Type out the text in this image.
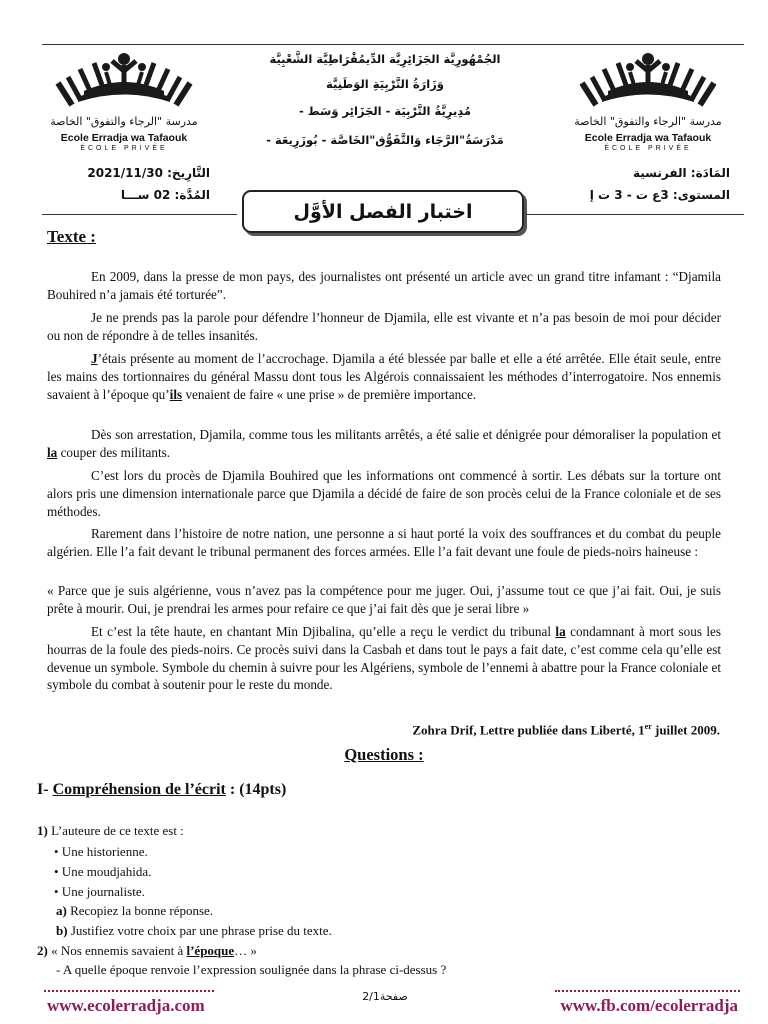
مدرسة "الرجاء والتفوق" الخاصة
Ecole Erradja wa Tafaouk
ÉCOLE PRIVÉE
مدرسة "الرجاء والتفوق" الخاصة
Ecole Erradja wa Tafaouk
ÉCOLE PRIVÉE
الجُمْهُورِيَّة الجَزَائِرِيَّة الدِّيمُقْرَاطِيَّة الشَّعْبِيَّة
وَزَارَةُ التَّرْبِيَةِ الوَطَنِيَّة
مُدِيرِيَّةُ التَّرْبِيَة - الجَزَائِر وَسَط -
مَدْرَسَةُ"الرَّجَاء وَالتَّفَوُّق"الخَاصَّة - بُوزَرِيعَة -
التَّارِيخ: 2021/11/30
المُدَّة: 02 ســـا
المَادَة: الفرنسية
المستوى: 3ع ت - 3 ت إ
اختبار الفصل الأوَّل
Texte :

En 2009, dans la presse de mon pays, des journalistes ont présenté un article avec un grand titre infamant : “Djamila Bouhired n’a jamais été torturée”.

Je ne prends pas la parole pour défendre l’honneur de Djamila, elle est vivante et n’a pas besoin de moi pour décider ou non de répondre à de telles insanités.

J’étais présente au moment de l’accrochage. Djamila a été blessée par balle et elle a été arrêtée. Elle était seule, entre les mains des tortionnaires du général Massu dont tous les Algérois connaissaient les méthodes d’interrogatoire. Nos ennemis savaient à l’époque qu’ils venaient de faire « une prise » de première importance.

Dès son arrestation, Djamila, comme tous les militants arrêtés, a été salie et dénigrée pour démoraliser la population et la couper des militants.

C’est lors du procès de Djamila Bouhired que les informations ont commencé à sortir. Les débats sur la torture ont alors pris une dimension internationale parce que Djamila a décidé de faire de son procès celui de la France coloniale et de ses méthodes.

Rarement dans l’histoire de notre nation, une personne a si haut porté la voix des souffrances et du combat du peuple algérien. Elle l’a fait devant le tribunal permanent des forces armées. Elle l’a fait devant une foule de pieds-noirs haineuse :

« Parce que je suis algérienne, vous n’avez pas la compétence pour me juger. Oui, j’assume tout ce que j’ai fait. Oui, je suis prête à mourir. Oui, je prendrai les armes pour refaire ce que j’ai fait dès que je serai libre »

Et c’est la tête haute, en chantant Min Djibalina, qu’elle a reçu le verdict du tribunal la condamnant à mort sous les hourras de la foule des pieds-noirs. Ce procès suivi dans la Casbah et dans tout le pays a fait date, c’est comme cela qu’elle est devenue un symbole. Symbole du chemin à suivre pour les Algériens, symbole de l’ennemi à abattre pour la France coloniale et symbole du combat à soutenir pour le reste du monde.

Zohra Drif, Lettre publiée dans Liberté, 1er juillet 2009.
Questions :
I- Compréhension de l’écrit : (14pts)
1) L’auteure de ce texte est :
• Une historienne.
• Une moudjahida.
• Une journaliste.
a) Recopiez la bonne réponse.
b) Justifiez votre choix par une phrase prise du texte.
2) « Nos ennemis savaient à l’époque… »
- A quelle époque renvoie l’expression soulignée dans la phrase ci-dessus ?
www.ecolerradja.com	صفحة2/1	www.fb.com/ecolerradja
